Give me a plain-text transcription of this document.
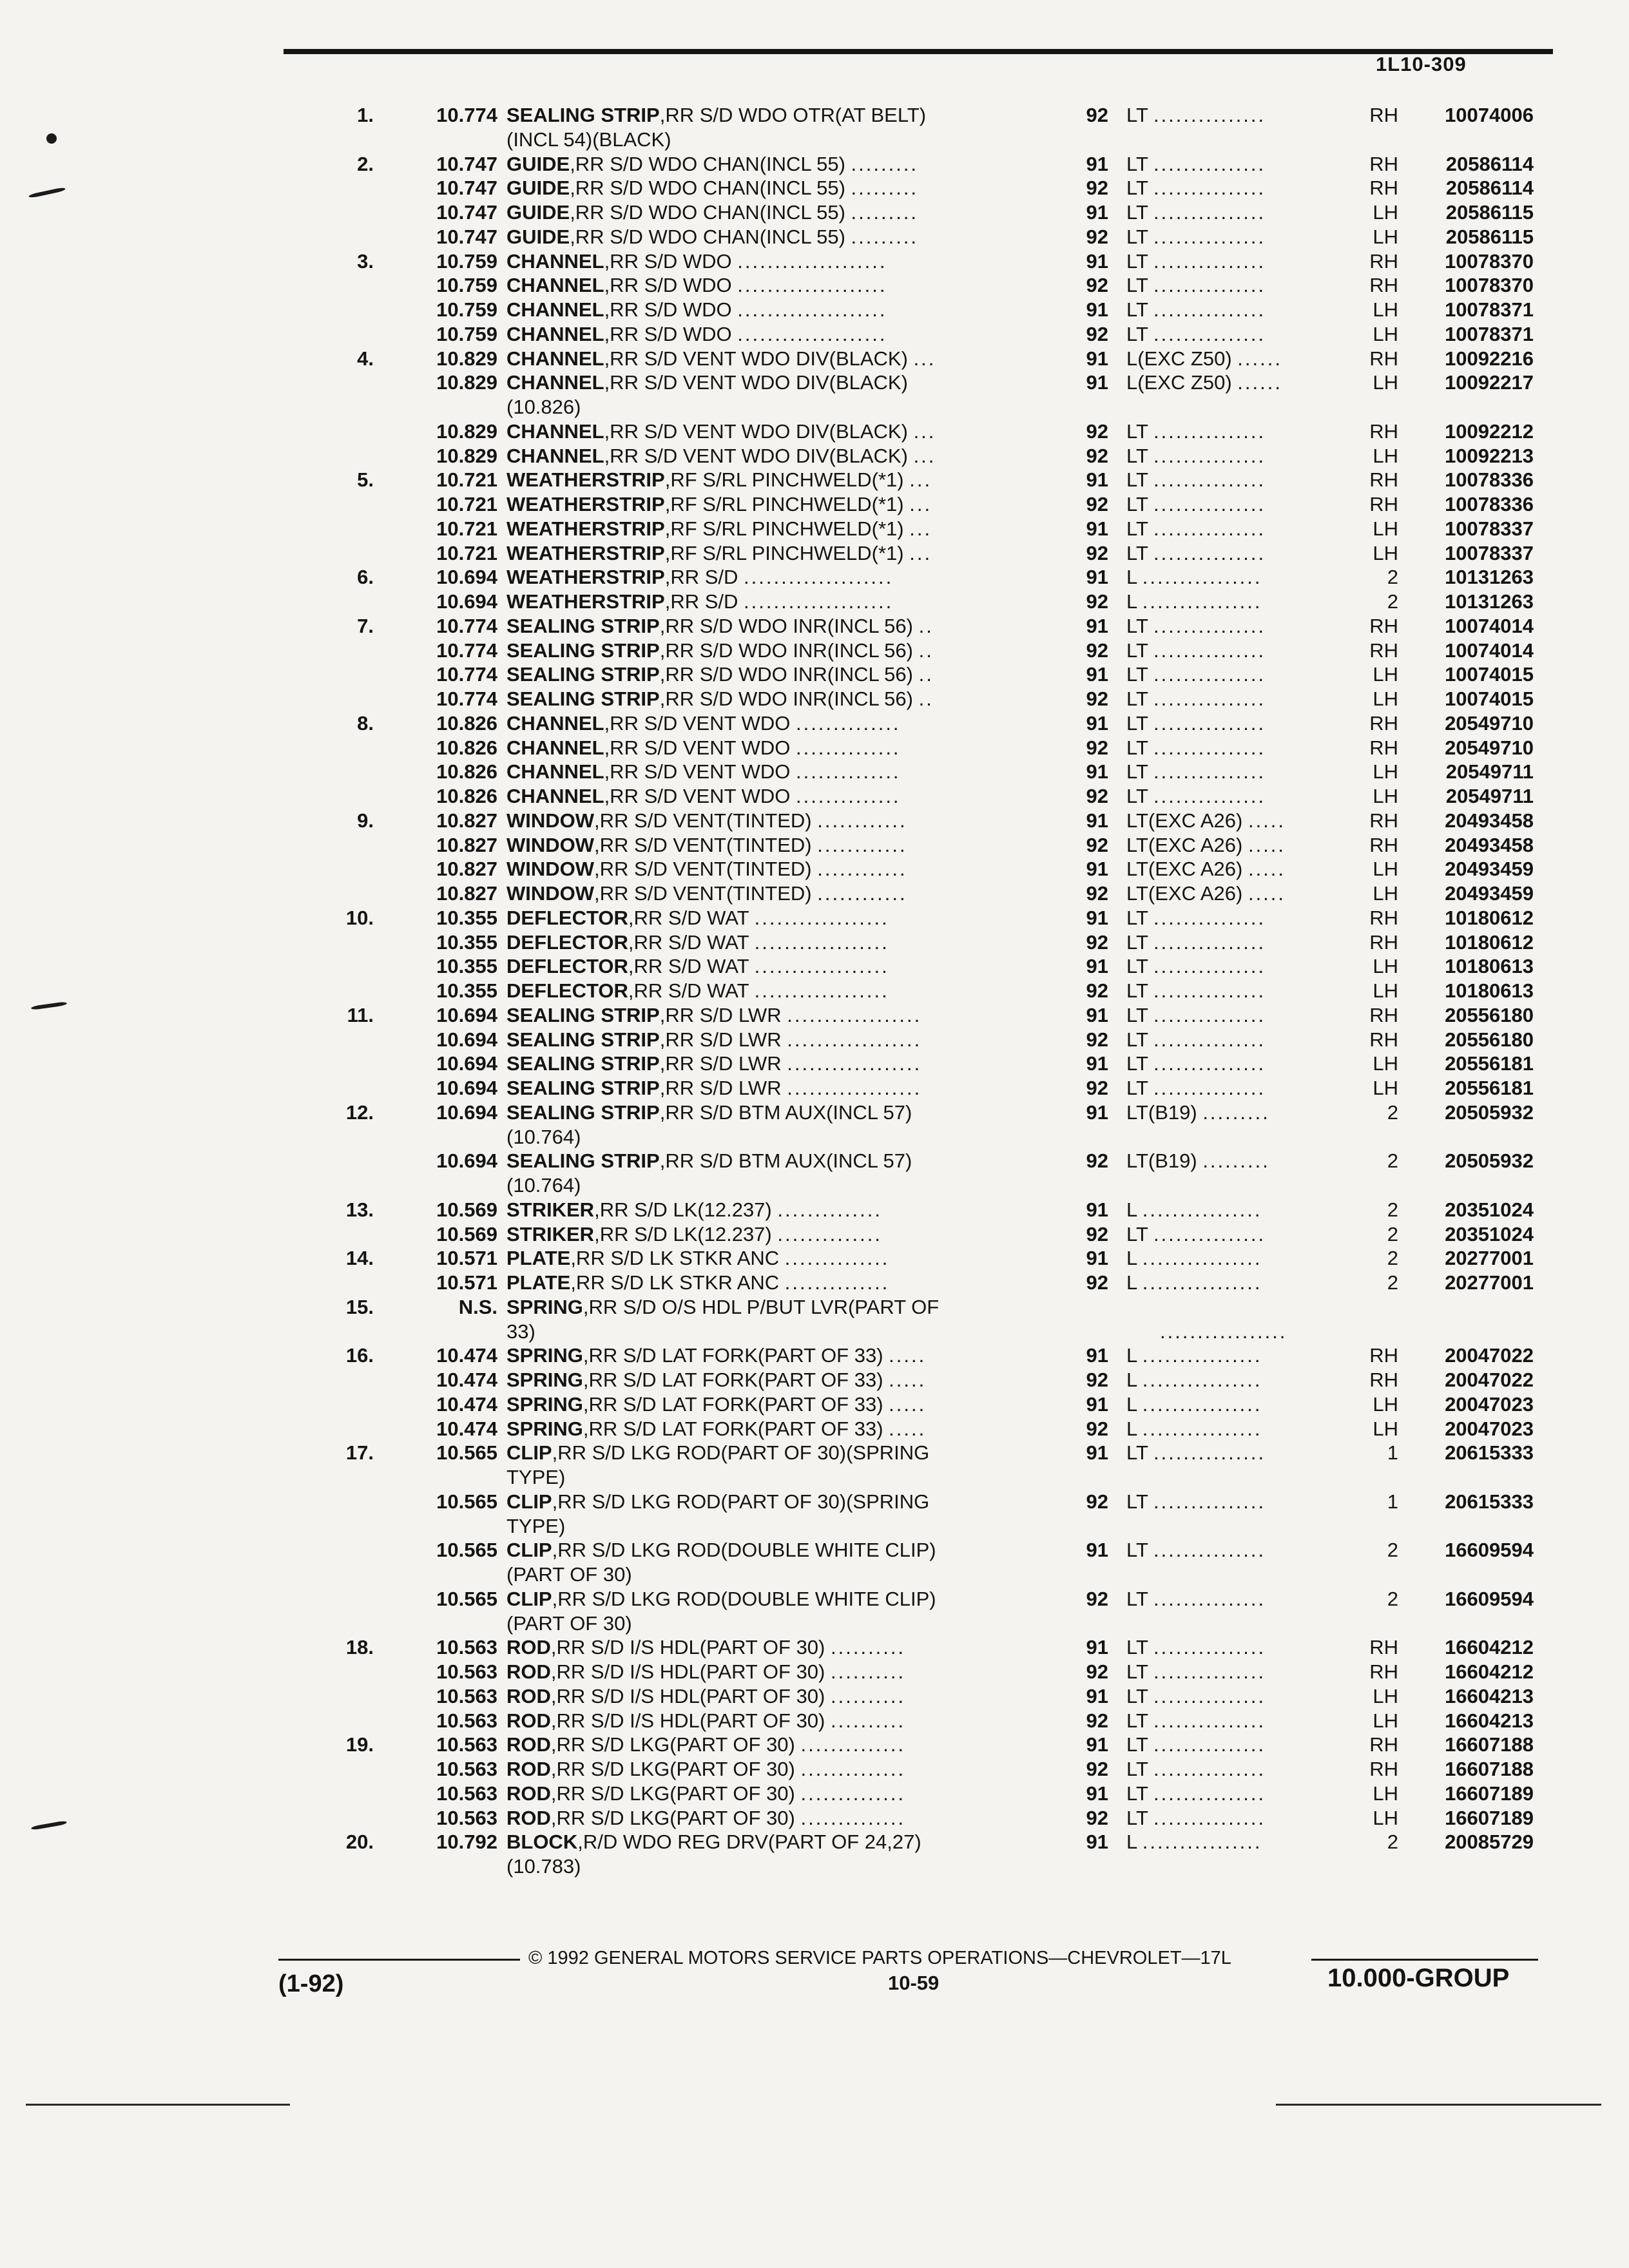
1L10-309
1.	10.774 SEALING STRIP,RR S/D WDO OTR(AT BELT)	92 LT ...............	RH	10074006
(INCL 54)(BLACK)
2.	10.747 GUIDE,RR S/D WDO CHAN(INCL 55) .........	91 LT ...............	RH	20586114
10.747 GUIDE,RR S/D WDO CHAN(INCL 55) .........	92 LT ...............	RH	20586114
10.747 GUIDE,RR S/D WDO CHAN(INCL 55) .........	91 LT ...............	LH	20586115
10.747 GUIDE,RR S/D WDO CHAN(INCL 55) .........	92 LT ...............	LH	20586115
3.	10.759 CHANNEL,RR S/D WDO ....................	91 LT ...............	RH	10078370
10.759 CHANNEL,RR S/D WDO ....................	92 LT ...............	RH	10078370
10.759 CHANNEL,RR S/D WDO ....................	91 LT ...............	LH	10078371
10.759 CHANNEL,RR S/D WDO ....................	92 LT ...............	LH	10078371
4.	10.829 CHANNEL,RR S/D VENT WDO DIV(BLACK) ...	91 L(EXC Z50) ......	RH	10092216
10.829 CHANNEL,RR S/D VENT WDO DIV(BLACK)	91 L(EXC Z50) ......	LH	10092217
(10.826)
10.829 CHANNEL,RR S/D VENT WDO DIV(BLACK) ...	92 LT ...............	RH	10092212
10.829 CHANNEL,RR S/D VENT WDO DIV(BLACK) ...	92 LT ...............	LH	10092213
5.	10.721 WEATHERSTRIP,RF S/RL PINCHWELD(*1) ...	91 LT ...............	RH	10078336
10.721 WEATHERSTRIP,RF S/RL PINCHWELD(*1) ...	92 LT ...............	RH	10078336
10.721 WEATHERSTRIP,RF S/RL PINCHWELD(*1) ...	91 LT ...............	LH	10078337
10.721 WEATHERSTRIP,RF S/RL PINCHWELD(*1) ...	92 LT ...............	LH	10078337
6.	10.694 WEATHERSTRIP,RR S/D ....................	91 L ................	2	10131263
10.694 WEATHERSTRIP,RR S/D ....................	92 L ................	2	10131263
7.	10.774 SEALING STRIP,RR S/D WDO INR(INCL 56) ..	91 LT ...............	RH	10074014
10.774 SEALING STRIP,RR S/D WDO INR(INCL 56) ..	92 LT ...............	RH	10074014
10.774 SEALING STRIP,RR S/D WDO INR(INCL 56) ..	91 LT ...............	LH	10074015
10.774 SEALING STRIP,RR S/D WDO INR(INCL 56) ..	92 LT ...............	LH	10074015
8.	10.826 CHANNEL,RR S/D VENT WDO ..............	91 LT ...............	RH	20549710
10.826 CHANNEL,RR S/D VENT WDO ..............	92 LT ...............	RH	20549710
10.826 CHANNEL,RR S/D VENT WDO ..............	91 LT ...............	LH	20549711
10.826 CHANNEL,RR S/D VENT WDO ..............	92 LT ...............	LH	20549711
9.	10.827 WINDOW,RR S/D VENT(TINTED) ............	91 LT(EXC A26) .....	RH	20493458
10.827 WINDOW,RR S/D VENT(TINTED) ............	92 LT(EXC A26) .....	RH	20493458
10.827 WINDOW,RR S/D VENT(TINTED) ............	91 LT(EXC A26) .....	LH	20493459
10.827 WINDOW,RR S/D VENT(TINTED) ............	92 LT(EXC A26) .....	LH	20493459
10.	10.355 DEFLECTOR,RR S/D WAT ..................	91 LT ...............	RH	10180612
10.355 DEFLECTOR,RR S/D WAT ..................	92 LT ...............	RH	10180612
10.355 DEFLECTOR,RR S/D WAT ..................	91 LT ...............	LH	10180613
10.355 DEFLECTOR,RR S/D WAT ..................	92 LT ...............	LH	10180613
11.	10.694 SEALING STRIP,RR S/D LWR ..................	91 LT ...............	RH	20556180
10.694 SEALING STRIP,RR S/D LWR ..................	92 LT ...............	RH	20556180
10.694 SEALING STRIP,RR S/D LWR ..................	91 LT ...............	LH	20556181
10.694 SEALING STRIP,RR S/D LWR ..................	92 LT ...............	LH	20556181
12.	10.694 SEALING STRIP,RR S/D BTM AUX(INCL 57)	91 LT(B19) .........	2	20505932
(10.764)
10.694 SEALING STRIP,RR S/D BTM AUX(INCL 57)	92 LT(B19) .........	2	20505932
(10.764)
13.	10.569 STRIKER,RR S/D LK(12.237) ..............	91 L ................	2	20351024
10.569 STRIKER,RR S/D LK(12.237) ..............	92 LT ...............	2	20351024
14.	10.571 PLATE,RR S/D LK STKR ANC ..............	91 L ................	2	20277001
10.571 PLATE,RR S/D LK STKR ANC ..............	92 L ................	2	20277001
15.	N.S. SPRING,RR S/D O/S HDL P/BUT LVR(PART OF
33)	.................
16.	10.474 SPRING,RR S/D LAT FORK(PART OF 33) .....	91 L ................	RH	20047022
10.474 SPRING,RR S/D LAT FORK(PART OF 33) .....	92 L ................	RH	20047022
10.474 SPRING,RR S/D LAT FORK(PART OF 33) .....	91 L ................	LH	20047023
10.474 SPRING,RR S/D LAT FORK(PART OF 33) .....	92 L ................	LH	20047023
17.	10.565 CLIP,RR S/D LKG ROD(PART OF 30)(SPRING	91 LT ...............	1	20615333
TYPE)
10.565 CLIP,RR S/D LKG ROD(PART OF 30)(SPRING	92 LT ...............	1	20615333
TYPE)
10.565 CLIP,RR S/D LKG ROD(DOUBLE WHITE CLIP)	91 LT ...............	2	16609594
(PART OF 30)
10.565 CLIP,RR S/D LKG ROD(DOUBLE WHITE CLIP)	92 LT ...............	2	16609594
(PART OF 30)
18.	10.563 ROD,RR S/D I/S HDL(PART OF 30) ..........	91 LT ...............	RH	16604212
10.563 ROD,RR S/D I/S HDL(PART OF 30) ..........	92 LT ...............	RH	16604212
10.563 ROD,RR S/D I/S HDL(PART OF 30) ..........	91 LT ...............	LH	16604213
10.563 ROD,RR S/D I/S HDL(PART OF 30) ..........	92 LT ...............	LH	16604213
19.	10.563 ROD,RR S/D LKG(PART OF 30) ..............	91 LT ...............	RH	16607188
10.563 ROD,RR S/D LKG(PART OF 30) ..............	92 LT ...............	RH	16607188
10.563 ROD,RR S/D LKG(PART OF 30) ..............	91 LT ...............	LH	16607189
10.563 ROD,RR S/D LKG(PART OF 30) ..............	92 LT ...............	LH	16607189
20.	10.792 BLOCK,R/D WDO REG DRV(PART OF 24,27)	91 L ................	2	20085729
(10.783)
© 1992 GENERAL MOTORS SERVICE PARTS OPERATIONS—CHEVROLET—17L
10-59
(1-92)	10.000-GROUP
